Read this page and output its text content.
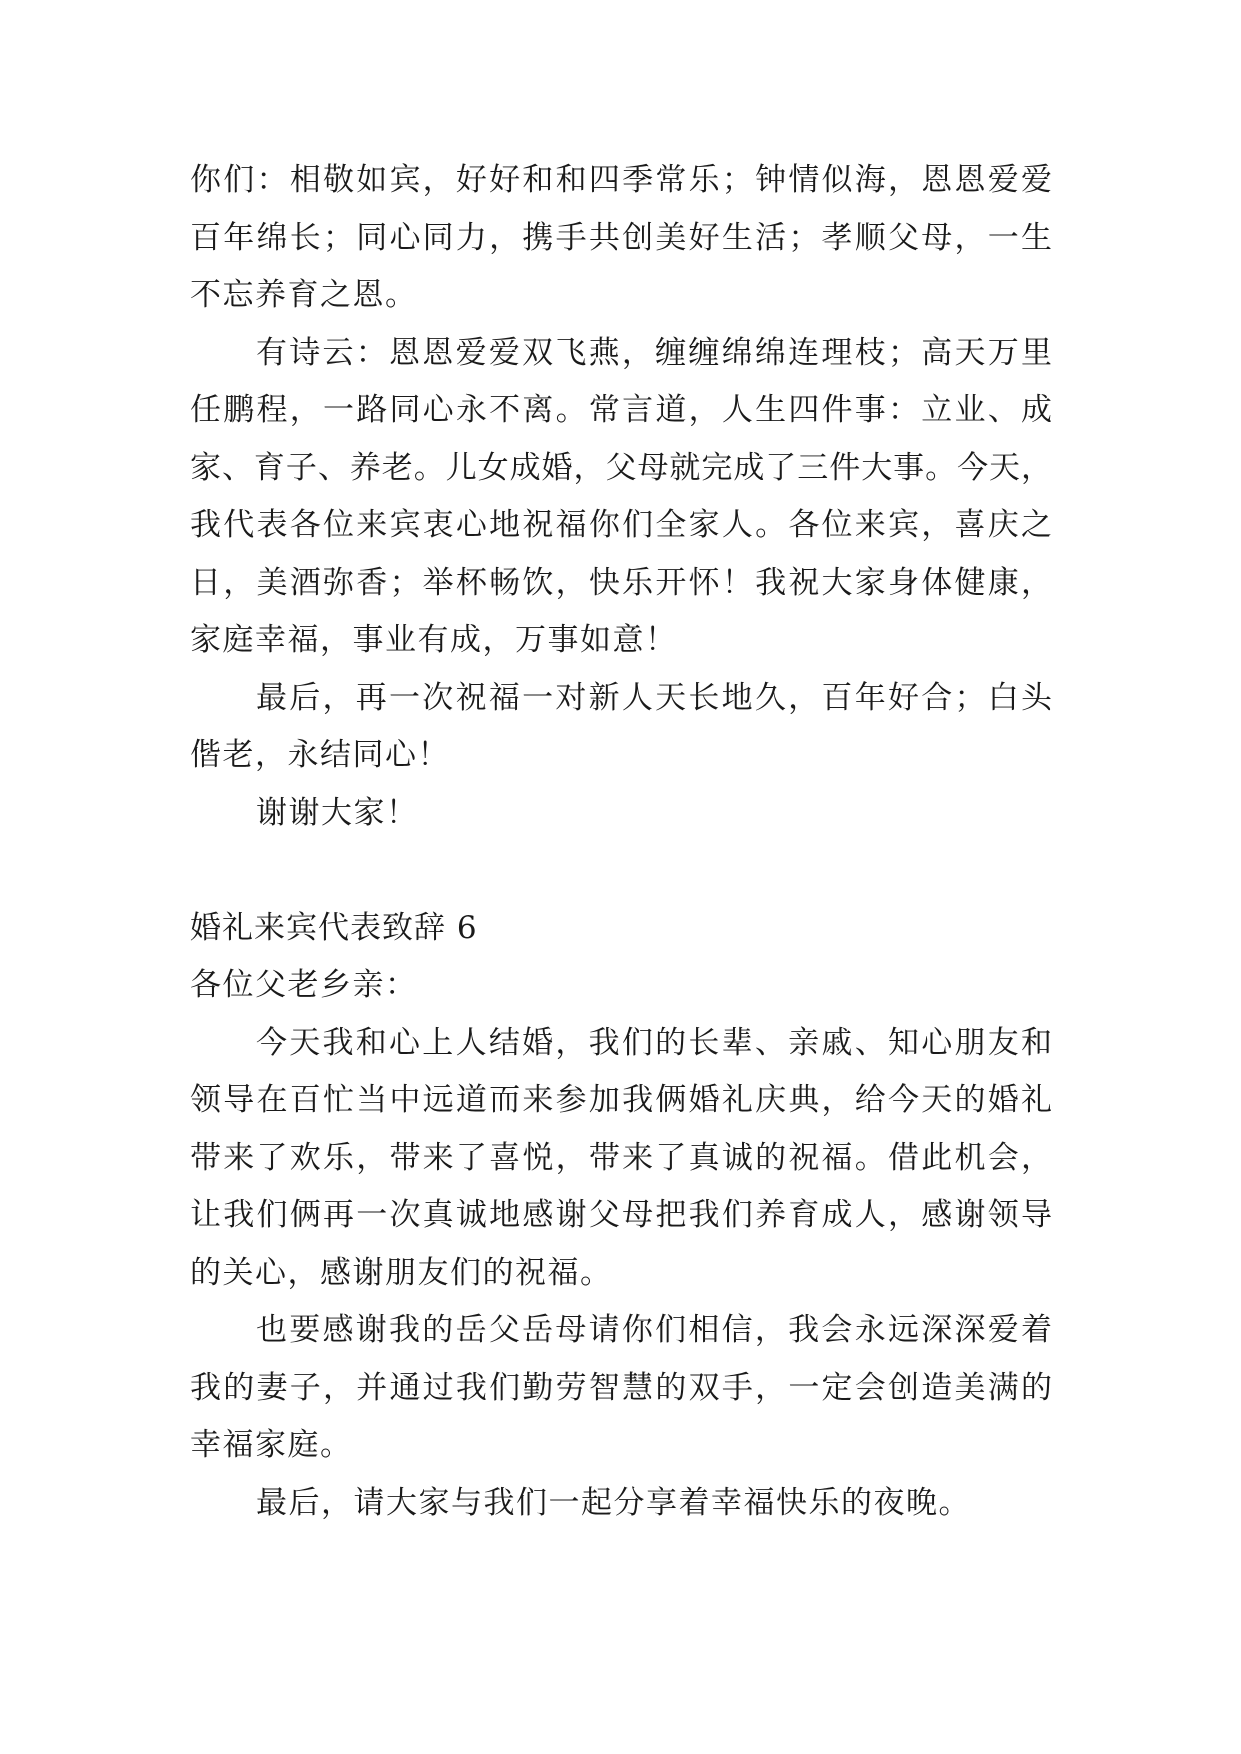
你们：相敬如宾，好好和和四季常乐；钟情似海，恩恩爱爱
百年绵长；同心同力，携手共创美好生活；孝顺父母，一生
不忘养育之恩。
有诗云：恩恩爱爱双飞燕，缠缠绵绵连理枝；高天万里
任鹏程，一路同心永不离。常言道，人生四件事：立业、成
家、育子、养老。儿女成婚，父母就完成了三件大事。今天，
我代表各位来宾衷心地祝福你们全家人。各位来宾，喜庆之
日，美酒弥香；举杯畅饮，快乐开怀！我祝大家身体健康，
家庭幸福，事业有成，万事如意！
最后，再一次祝福一对新人天长地久，百年好合；白头
偕老，永结同心！
谢谢大家！
婚礼来宾代表致辞 6
各位父老乡亲：
今天我和心上人结婚，我们的长辈、亲戚、知心朋友和
领导在百忙当中远道而来参加我俩婚礼庆典，给今天的婚礼
带来了欢乐，带来了喜悦，带来了真诚的祝福。借此机会，
让我们俩再一次真诚地感谢父母把我们养育成人，感谢领导
的关心，感谢朋友们的祝福。
也要感谢我的岳父岳母请你们相信，我会永远深深爱着
我的妻子，并通过我们勤劳智慧的双手，一定会创造美满的
幸福家庭。
最后，请大家与我们一起分享着幸福快乐的夜晚。
